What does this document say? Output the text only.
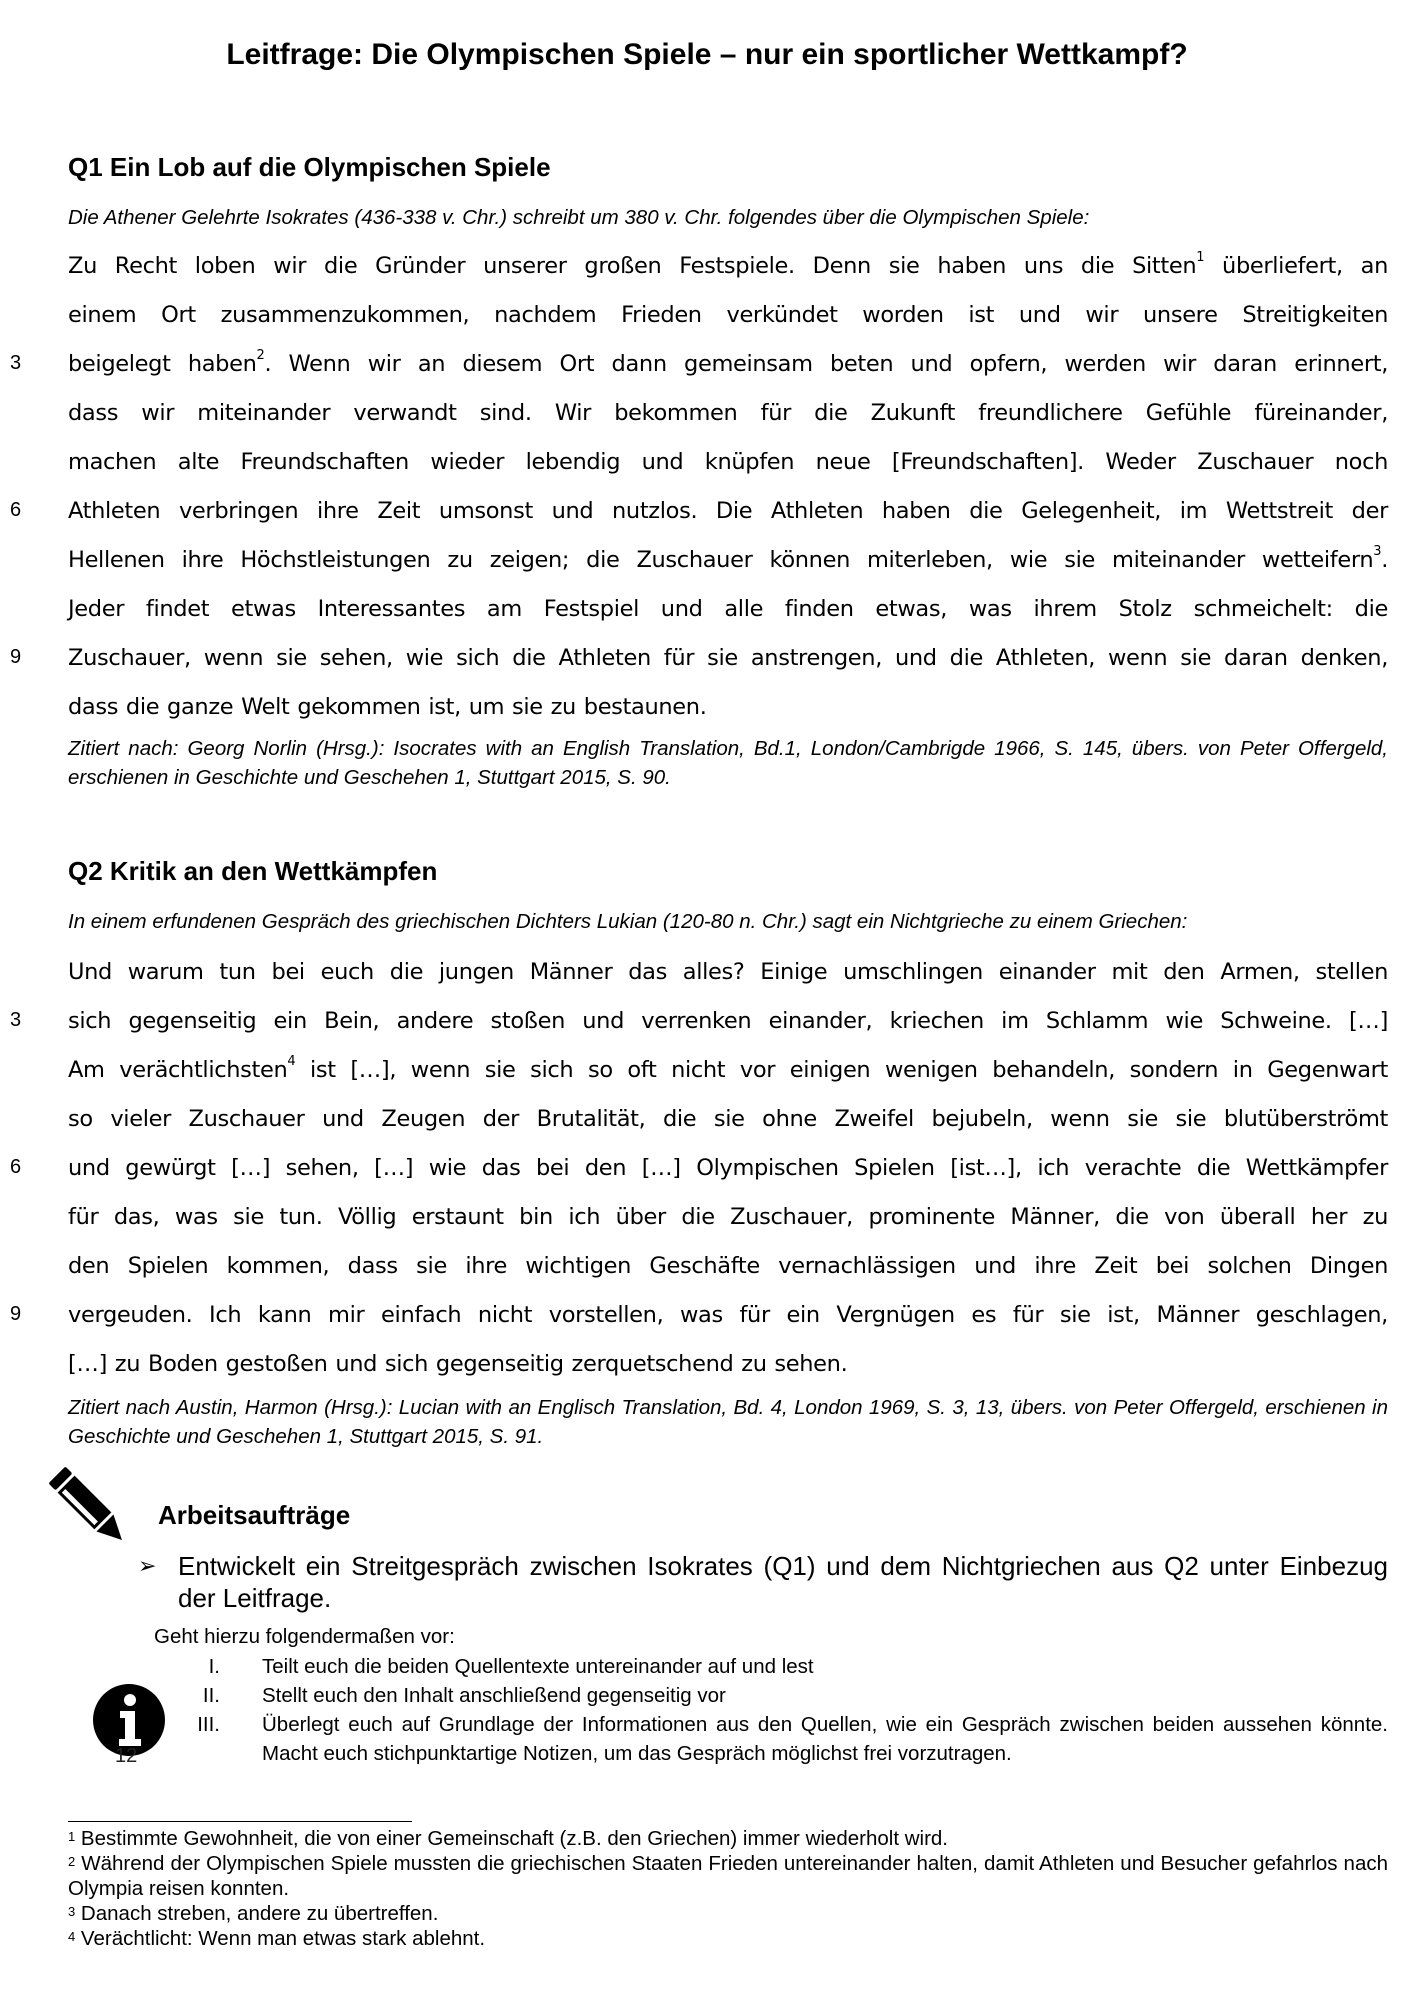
Leitfrage: Die Olympischen Spiele – nur ein sportlicher Wettkampf?
Q1 Ein Lob auf die Olympischen Spiele
Die Athener Gelehrte Isokrates (436-338 v. Chr.) schreibt um 380 v. Chr. folgendes über die Olympischen Spiele:
Zu Recht loben wir die Gründer unserer großen Festspiele. Denn sie haben uns die Sitten$^1$ überliefert, an
einem Ort zusammenzukommen, nachdem Frieden verkündet worden ist und wir unsere Streitigkeiten
beigelegt haben$^2$. Wenn wir an diesem Ort dann gemeinsam beten und opfern, werden wir daran erinnert,
dass wir miteinander verwandt sind. Wir bekommen für die Zukunft freundlichere Gefühle füreinander,
machen alte Freundschaften wieder lebendig und knüpfen neue [Freundschaften]. Weder Zuschauer noch
Athleten verbringen ihre Zeit umsonst und nutzlos. Die Athleten haben die Gelegenheit, im Wettstreit der
Hellenen ihre Höchstleistungen zu zeigen; die Zuschauer können miterleben, wie sie miteinander wetteifern$^3$.
Jeder findet etwas Interessantes am Festspiel und alle finden etwas, was ihrem Stolz schmeichelt: die
Zuschauer, wenn sie sehen, wie sich die Athleten für sie anstrengen, und die Athleten, wenn sie daran denken,
dass die ganze Welt gekommen ist, um sie zu bestaunen.
3
6
9
Zitiert nach: Georg Norlin (Hrsg.): Isocrates with an English Translation, Bd.1, London/Cambrigde 1966, S. 145, übers. von Peter Offergeld, erschienen in Geschichte und Geschehen 1, Stuttgart 2015, S. 90.
Q2 Kritik an den Wettkämpfen
In einem erfundenen Gespräch des griechischen Dichters Lukian (120-80 n. Chr.) sagt ein Nichtgrieche zu einem Griechen:
Und warum tun bei euch die jungen Männer das alles? Einige umschlingen einander mit den Armen, stellen
sich gegenseitig ein Bein, andere stoßen und verrenken einander, kriechen im Schlamm wie Schweine. […]
Am verächtlichsten$^4$ ist […], wenn sie sich so oft nicht vor einigen wenigen behandeln, sondern in Gegenwart
so vieler Zuschauer und Zeugen der Brutalität, die sie ohne Zweifel bejubeln, wenn sie sie blutüberströmt
und gewürgt […] sehen, […] wie das bei den […] Olympischen Spielen [ist…], ich verachte die Wettkämpfer
für das, was sie tun. Völlig erstaunt bin ich über die Zuschauer, prominente Männer, die von überall her zu
den Spielen kommen, dass sie ihre wichtigen Geschäfte vernachlässigen und ihre Zeit bei solchen Dingen
vergeuden. Ich kann mir einfach nicht vorstellen, was für ein Vergnügen es für sie ist, Männer geschlagen,
[…] zu Boden gestoßen und sich gegenseitig zerquetschend zu sehen.
3
6
9
Zitiert nach Austin, Harmon (Hrsg.): Lucian with an Englisch Translation, Bd. 4, London 1969, S. 3, 13, übers. von Peter Offergeld, erschienen in Geschichte und Geschehen 1, Stuttgart 2015, S. 91.
Arbeitsaufträge
➢ Entwickelt ein Streitgespräch zwischen Isokrates (Q1) und dem Nichtgriechen aus Q2 unter Einbezug der Leitfrage.
Geht hierzu folgendermaßen vor:
I. Teilt euch die beiden Quellentexte untereinander auf und lest
II. Stellt euch den Inhalt anschließend gegenseitig vor
III. Überlegt euch auf Grundlage der Informationen aus den Quellen, wie ein Gespräch zwischen beiden aussehen könnte. Macht euch stichpunktartige Notizen, um das Gespräch möglichst frei vorzutragen.
12
$^1$ Bestimmte Gewohnheit, die von einer Gemeinschaft (z.B. den Griechen) immer wiederholt wird.
$^2$ Während der Olympischen Spiele mussten die griechischen Staaten Frieden untereinander halten, damit Athleten und Besucher gefahrlos nach Olympia reisen konnten.
$^3$ Danach streben, andere zu übertreffen.
$^4$ Verächtlicht: Wenn man etwas stark ablehnt.
